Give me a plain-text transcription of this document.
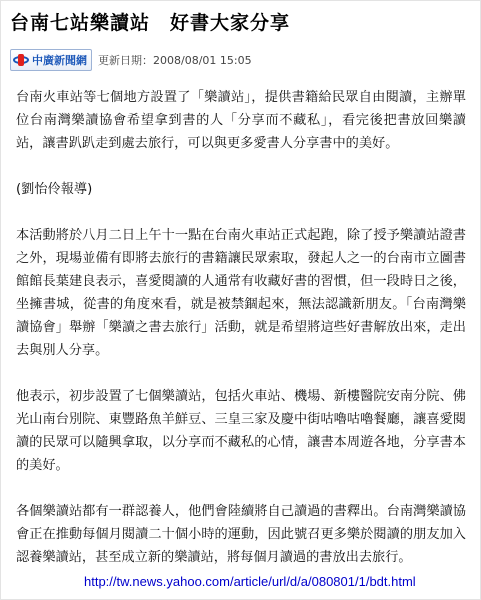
台南七站樂讀站　好書大家分享
中廣新聞網 更新日期：2008/08/01 15:05

台南火車站等七個地方設置了「樂讀站」，提供書籍給民眾自由閱讀，主辦單位台南灣樂讀協會希望拿到書的人「分享而不藏私」，看完後把書放回樂讀站，讓書趴趴走到處去旅行，可以與更多愛書人分享書中的美好。

(劉怡伶報導)

本活動將於八月二日上午十一點在台南火車站正式起跑，除了授予樂讀站證書之外，現場並備有即將去旅行的書籍讓民眾索取，發起人之一的台南市立圖書館館長葉建良表示，喜愛閱讀的人通常有收藏好書的習慣，但一段時日之後，坐擁書城，從書的角度來看，就是被禁錮起來，無法認識新朋友。「台南灣樂讀協會」舉辦「樂讀之書去旅行」活動，就是希望將這些好書解放出來，走出去與別人分享。

他表示，初步設置了七個樂讀站，包括火車站、機場、新樓醫院安南分院、佛光山南台別院、東豐路魚羊鮮豆、三皇三家及慶中街咕嚕咕嚕餐廳，讓喜愛閱讀的民眾可以隨興拿取，以分享而不藏私的心情，讓書本周遊各地，分享書本的美好。

各個樂讀站都有一群認養人，他們會陸續將自己讀過的書釋出。台南灣樂讀協會正在推動每個月閱讀二十個小時的運動，因此號召更多樂於閱讀的朋友加入認養樂讀站，甚至成立新的樂讀站，將每個月讀過的書放出去旅行。

http://tw.news.yahoo.com/article/url/d/a/080801/1/bdt.html
